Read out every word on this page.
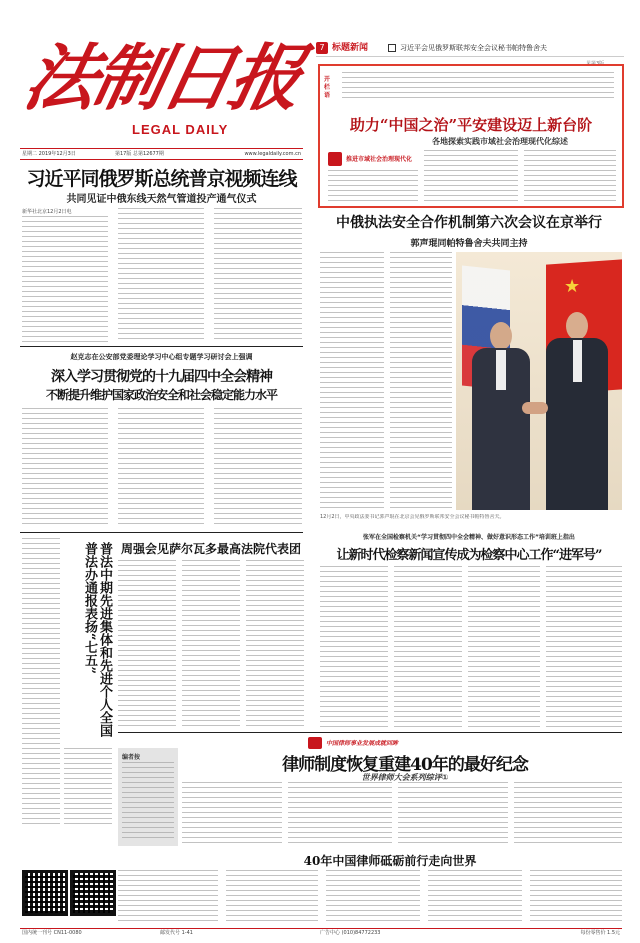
法制日报
LEGAL DAILY
星期二 2019年12月3日	第17版 总第12677期	www.legaldaily.com.cn
7 标题新闻	习近平会见俄罗斯联邦安全会议秘书帕特鲁舍夫
见第3版
开栏语
助力“中国之治”平安建设迈上新台阶
各地探索实践市域社会治理现代化综述
推进市域社会治理现代化
习近平同俄罗斯总统普京视频连线
共同见证中俄东线天然气管道投产通气仪式
新华社北京12月2日电
中俄执法安全合作机制第六次会议在京举行
郭声琨同帕特鲁舍夫共同主持
★
12月2日，中央政法委书记郭声琨在北京会见俄罗斯联邦安全会议秘书帕特鲁舍夫。
赵克志在公安部党委理论学习中心组专题学习研讨会上强调
深入学习贯彻党的十九届四中全会精神
不断提升维护国家政治安全和社会稳定能力水平
普法中期先进集体和先进个人全国普法办通报表扬“七五”	周强会见萨尔瓦多最高法院代表团
张军在全国检察机关“学习贯彻四中全会精神、做好意识形态工作”培训班上指出
让新时代检察新闻宣传成为检察中心工作“进军号”
中国律师事业发展成就回眸
律师制度恢复重建40年的最好纪念
世界律师大会系列综评①
编者按
40年中国律师砥砺前行走向世界
国内统一刊号 CN11-0080	邮发代号 1-41	广告中心 (010)84772233	每份零售价 1.5元
